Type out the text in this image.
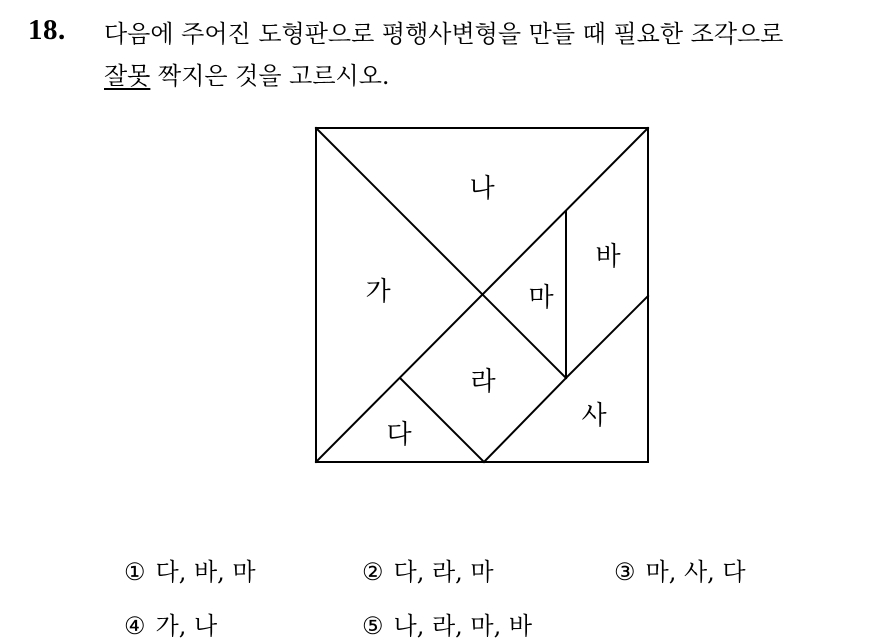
18. 다음에 주어진 도형판으로 평행사변형을 만들 때 필요한 조각으로
잘못 짝지은 것을 고르시오.
나
가
바
마
라
사
다
① 다, 바, 마	② 다, 라, 마	③ 마, 사, 다
④ 가, 나	⑤ 나, 라, 마, 바
